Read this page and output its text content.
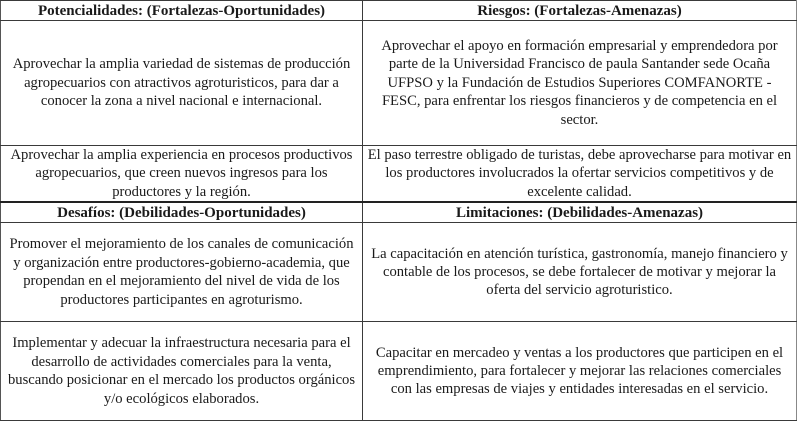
Potencialidades: (Fortalezas-Oportunidades)	Riesgos: (Fortalezas-Amenazas)
Aprovechar la amplia variedad de sistemas de producción agropecuarios con atractivos agroturisticos, para dar a conocer la zona a nivel nacional e internacional.	Aprovechar el apoyo en formación empresarial y emprendedora por parte de la Universidad Francisco de paula Santander sede Ocaña UFPSO y la Fundación de Estudios Superiores COMFANORTE - FESC, para enfrentar los riesgos financieros y de competencia en el sector.
Aprovechar la amplia experiencia en procesos productivos agropecuarios, que creen nuevos ingresos para los productores y la región.	El paso terrestre obligado de turistas, debe aprovecharse para motivar en los productores involucrados la ofertar servicios competitivos y de excelente calidad.
Desafíos: (Debilidades-Oportunidades)	Limitaciones: (Debilidades-Amenazas)
Promover el mejoramiento de los canales de comunicación y organización entre productores-gobierno-academia, que propendan en el mejoramiento del nivel de vida de los productores participantes en agroturismo.	La capacitación en atención turística, gastronomía, manejo financiero y contable de los procesos, se debe fortalecer de motivar y mejorar la oferta del servicio agroturistico.
Implementar y adecuar la infraestructura necesaria para el desarrollo de actividades comerciales para la venta, buscando posicionar en el mercado los productos orgánicos y/o ecológicos elaborados.	Capacitar en mercadeo y ventas a los productores que participen en el emprendimiento, para fortalecer y mejorar las relaciones comerciales con las empresas de viajes y entidades interesadas en el servicio.
